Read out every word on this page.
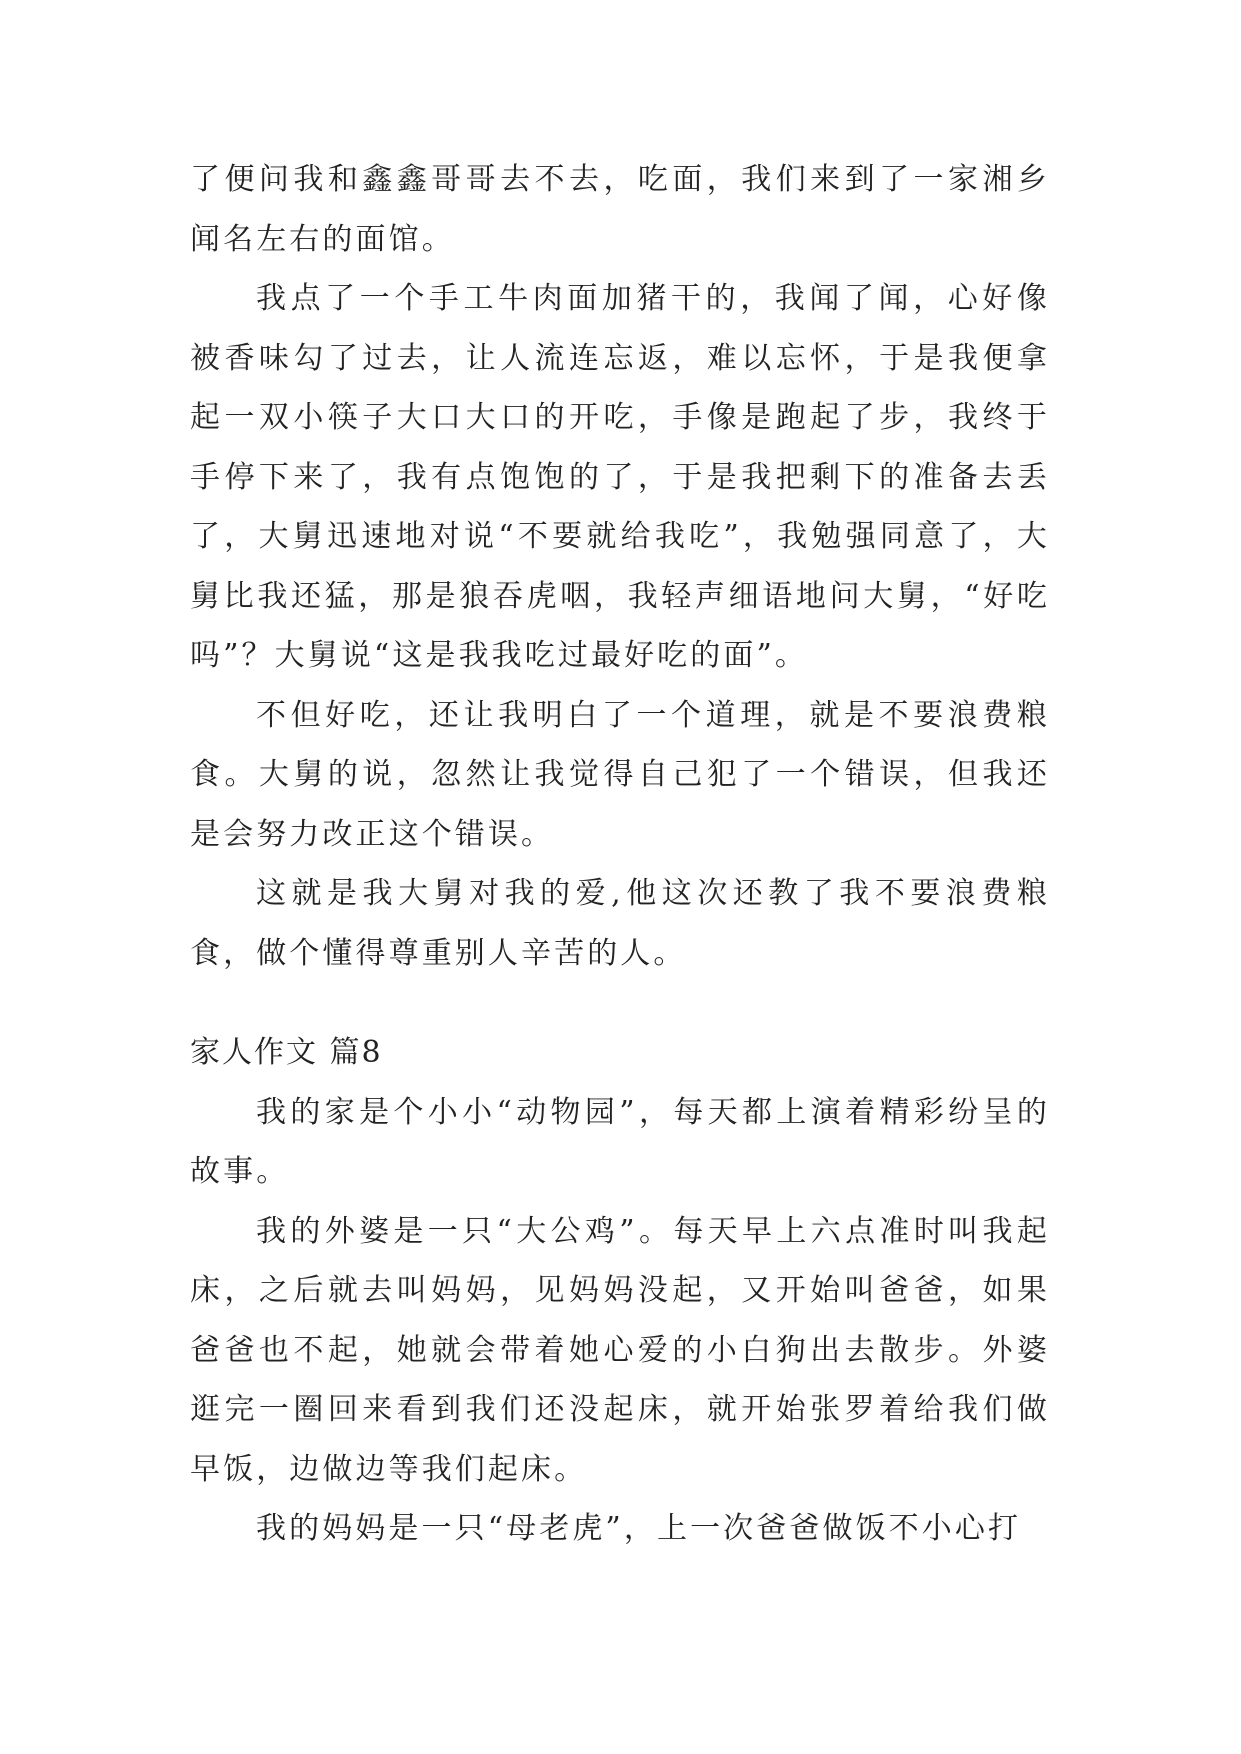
了便问我和鑫鑫哥哥去不去，吃面，我们来到了一家湘乡闻名左右的面馆。

我点了一个手工牛肉面加猪干的，我闻了闻，心好像被香味勾了过去，让人流连忘返，难以忘怀，于是我便拿起一双小筷子大口大口的开吃，手像是跑起了步，我终于手停下来了，我有点饱饱的了，于是我把剩下的准备去丢了，大舅迅速地对说“不要就给我吃”，我勉强同意了，大舅比我还猛，那是狼吞虎咽，我轻声细语地问大舅，“好吃吗”？大舅说“这是我我吃过最好吃的面”。

不但好吃，还让我明白了一个道理，就是不要浪费粮食。大舅的说，忽然让我觉得自己犯了一个错误，但我还是会努力改正这个错误。

这就是我大舅对我的爱,他这次还教了我不要浪费粮食，做个懂得尊重别人辛苦的人。

家人作文 篇8

我的家是个小小“动物园”，每天都上演着精彩纷呈的故事。

我的外婆是一只“大公鸡”。每天早上六点准时叫我起床，之后就去叫妈妈，见妈妈没起，又开始叫爸爸，如果爸爸也不起，她就会带着她心爱的小白狗出去散步。外婆逛完一圈回来看到我们还没起床，就开始张罗着给我们做早饭，边做边等我们起床。

我的妈妈是一只“母老虎”，上一次爸爸做饭不小心打
